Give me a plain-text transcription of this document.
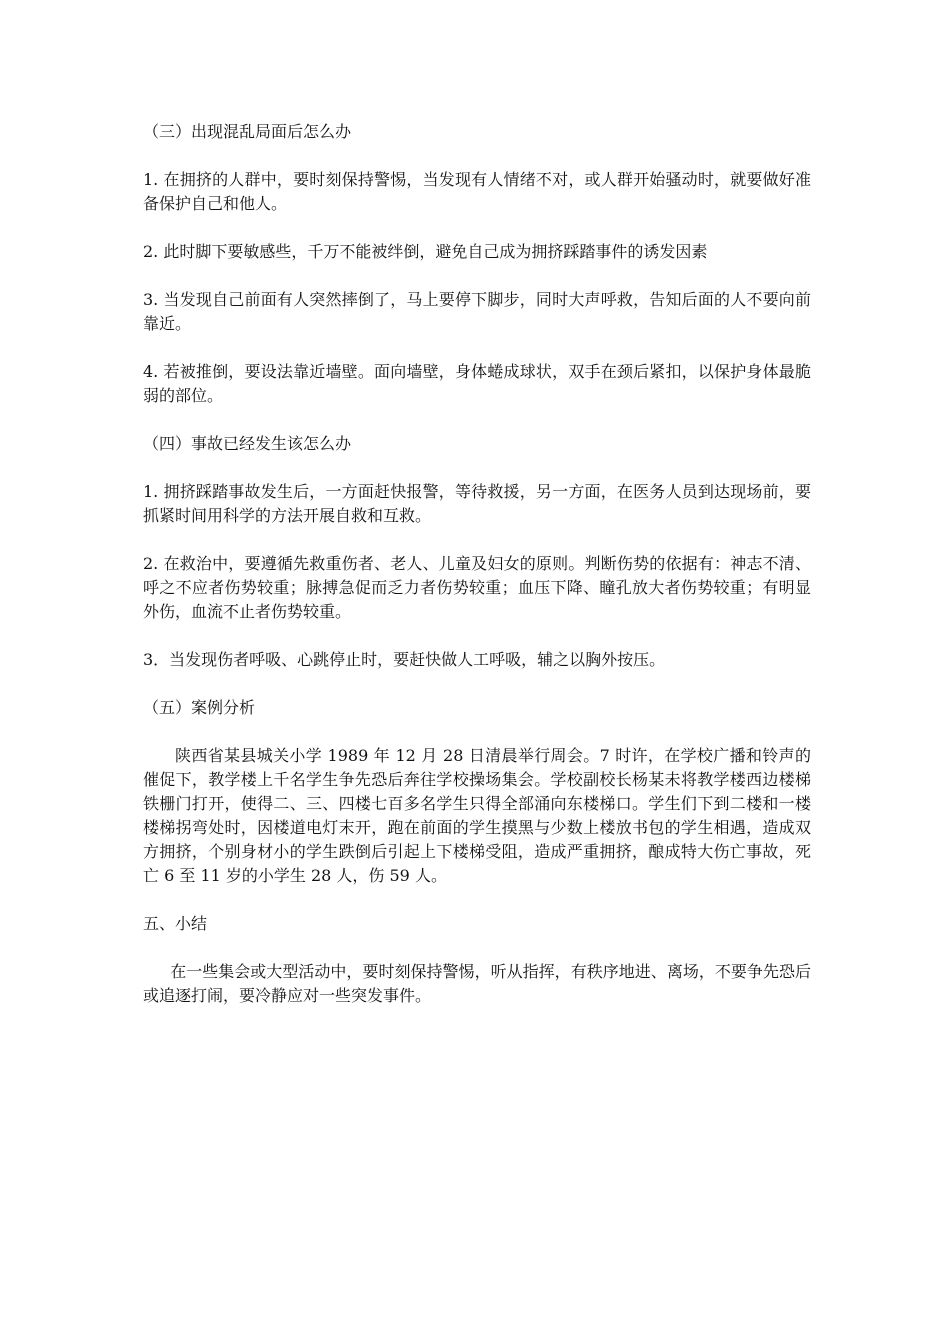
（三）出现混乱局面后怎么办

1. 在拥挤的人群中，要时刻保持警惕，当发现有人情绪不对，或人群开始骚动时，就要做好准备保护自己和他人。

2. 此时脚下要敏感些，千万不能被绊倒，避免自己成为拥挤踩踏事件的诱发因素

3. 当发现自己前面有人突然摔倒了，马上要停下脚步，同时大声呼救，告知后面的人不要向前靠近。

4. 若被推倒，要设法靠近墙壁。面向墙壁，身体蜷成球状，双手在颈后紧扣，以保护身体最脆弱的部位。

（四）事故已经发生该怎么办

1. 拥挤踩踏事故发生后，一方面赶快报警，等待救援，另一方面，在医务人员到达现场前，要抓紧时间用科学的方法开展自救和互救。

2. 在救治中，要遵循先救重伤者、老人、儿童及妇女的原则。判断伤势的依据有：神志不清、呼之不应者伤势较重；脉搏急促而乏力者伤势较重；血压下降、瞳孔放大者伤势较重；有明显外伤，血流不止者伤势较重。

3．当发现伤者呼吸、心跳停止时，要赶快做人工呼吸，辅之以胸外按压。

（五）案例分析

陕西省某县城关小学 1989 年 12 月 28 日清晨举行周会。7 时许，在学校广播和铃声的催促下，教学楼上千名学生争先恐后奔往学校操场集会。学校副校长杨某未将教学楼西边楼梯铁栅门打开，使得二、三、四楼七百多名学生只得全部涌向东楼梯口。学生们下到二楼和一楼楼梯拐弯处时，因楼道电灯末开，跑在前面的学生摸黑与少数上楼放书包的学生相遇，造成双方拥挤，个别身材小的学生跌倒后引起上下楼梯受阻，造成严重拥挤，酿成特大伤亡事故，死亡 6 至 11 岁的小学生 28 人，伤 59 人。

五、小结

在一些集会或大型活动中，要时刻保持警惕，听从指挥，有秩序地进、离场，不要争先恐后或追逐打闹，要冷静应对一些突发事件。
